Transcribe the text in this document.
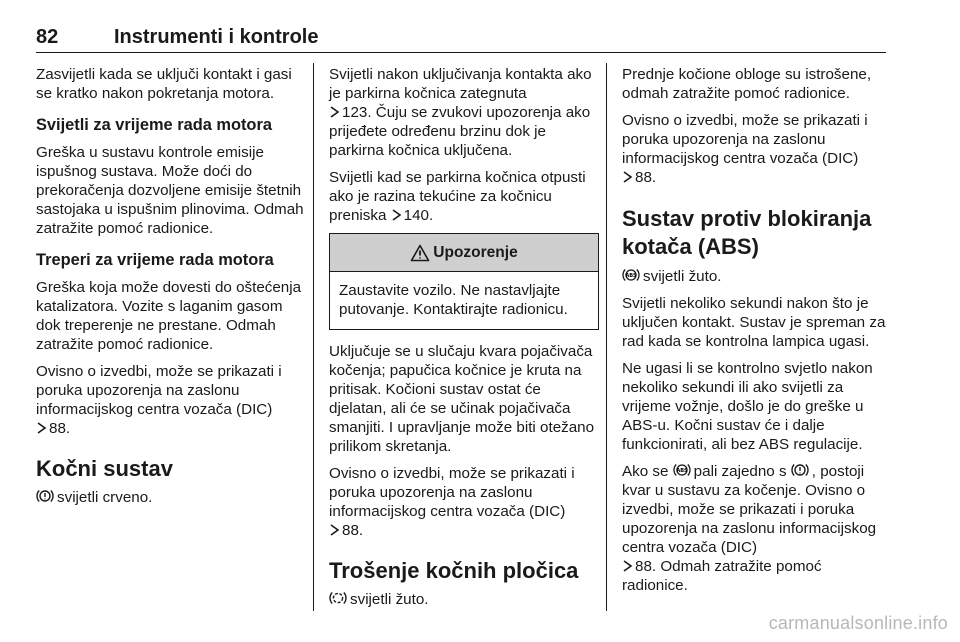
82	Instrumenti i kontrole

Zasvijetli kada se uključi kontakt i gasi se kratko nakon pokretanja motora.

Svijetli za vrijeme rada motora

Greška u sustavu kontrole emisije ispušnog sustava. Može doći do prekoračenja dozvoljene emisije štetnih sastojaka u ispušnim plinovima. Odmah zatražite pomoć radionice.

Treperi za vrijeme rada motora

Greška koja može dovesti do oštećenja katalizatora. Vozite s laganim gasom dok treperenje ne prestane. Odmah zatražite pomoć radionice.

Ovisno o izvedbi, može se prikazati i poruka upozorenja na zaslonu informacijskog centra vozača (DIC)
88.

Kočni sustav

svijetli crveno.

Svijetli nakon uključivanja kontakta ako je parkirna kočnica zategnuta
123. Čuju se zvukovi upozorenja ako prijeđete određenu brzinu dok je parkirna kočnica uključena.

Svijetli kad se parkirna kočnica otpusti ako je razina tekućine za kočnicu preniska 140.

Upozorenje
Zaustavite vozilo. Ne nastavljajte putovanje. Kontaktirajte radionicu.

Uključuje se u slučaju kvara pojačivača kočenja; papučica kočnice je kruta na pritisak. Kočioni sustav ostat će djelatan, ali će se učinak pojačivača smanjiti. I upravljanje može biti otežano prilikom skretanja.

Ovisno o izvedbi, može se prikazati i poruka upozorenja na zaslonu informacijskog centra vozača (DIC)
88.

Trošenje kočnih pločica

svijetli žuto.

Prednje kočione obloge su istrošene, odmah zatražite pomoć radionice.

Ovisno o izvedbi, može se prikazati i poruka upozorenja na zaslonu informacijskog centra vozača (DIC)
88.

Sustav protiv blokiranja kotača (ABS)

ABS svijetli žuto.

Svijetli nekoliko sekundi nakon što je uključen kontakt. Sustav je spreman za rad kada se kontrolna lampica ugasi.

Ne ugasi li se kontrolno svjetlo nakon nekoliko sekundi ili ako svijetli za vrijeme vožnje, došlo je do greške u ABS-u. Kočni sustav će i dalje funkcionirati, ali bez ABS regulacije.

Ako se ABS pali zajedno s , postoji kvar u sustavu za kočenje. Ovisno o izvedbi, može se prikazati i poruka upozorenja na zaslonu informacijskog centra vozača (DIC)
88. Odmah zatražite pomoć radionice.

carmanualsonline.info
